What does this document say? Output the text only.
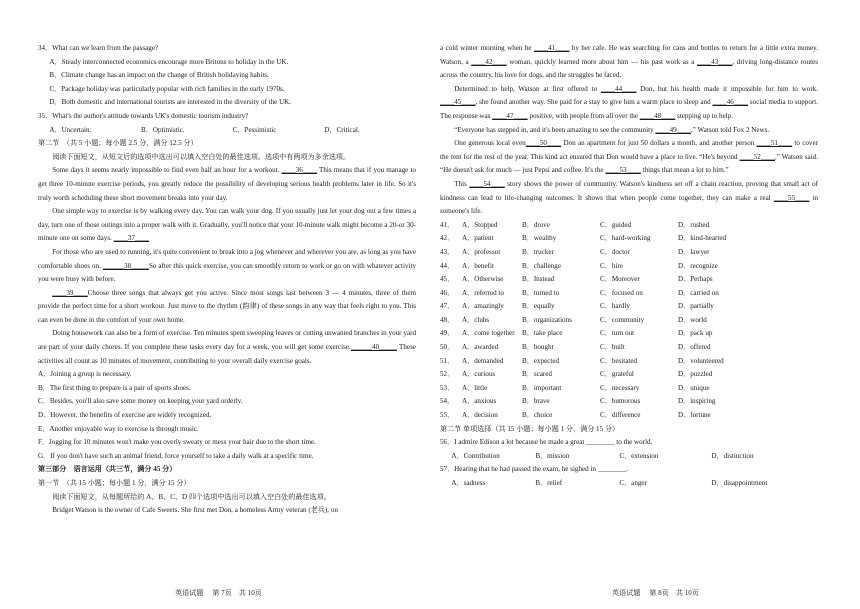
34．What can we learn from the passage?

A．Steady interconnected economics encourage more Britons to holiday in the UK.

B．Climate change has an impact on the change of British holidaying habits.

C．Package holiday was particularly popular with rich families in the early 1970s.

D．Both domestic and international tourists are interested in the diversity of the UK.

35．What's the author's attitude towards UK's domestic tourism industry?

A．Uncertain.	B．Optimistic.	C．Pessimistic	D．Critical.

第二节　（共 5 小题；每小题 2.5 分，满分 12.5 分）

阅读下面短文，从短文后的选项中选出可以填入空白处的最佳选项。选项中有两项为多余选项。

Some days it seems nearly impossible to find even half an hour for a workout. ____36____ This means that if you manage to get three 10-minute exercise periods, you greatly reduce the possibility of developing serious health problems later in life. So it's truly worth scheduling these short movement breaks into your day.

One simple way to exercise is by walking every day. You can walk your dog. If you usually just let your dog out a few times a day, turn one of those outings into a proper walk with it. Gradually, you'll notice that your 10-minute walk might become a 20-or 30-minute one on some days. ____37____

For those who are used to running, it's quite convenient to break into a jog whenever and wherever you are, as long as you have comfortable shoes on. ______38_____So after this quick exercise, you can smoothly return to work or go on with whatever activity you were busy with before.

____39____Choose three songs that always get you active. Since most songs last between 3 — 4 minutes, three of them provide the perfect time for a short workout. Just move to the rhythm (韵律) of these songs in any way that feels right to you. This can even be done in the comfort of your own home.

Doing housework can also be a form of exercise. Ten minutes spent sweeping leaves or cutting unwanted branches in your yard are part of your daily chores. If you complete these tasks every day for a week, you will get some exercise.______40_____ These activities all count as 10 minutes of movement, contributing to your overall daily exercise goals.

A．Joining a group is necessary.

B．The first thing to prepare is a pair of sports shoes.

C．Besides, you'll also save some money on keeping your yard orderly.

D．However, the benefits of exercise are widely recognized.

E．Another enjoyable way to exercise is through music.

F．Jogging for 10 minutes won't make you overly sweaty or mess your hair due to the short time.

G．If you don't have such an animal friend, force yourself to take a daily walk at a specific time.

第三部分　语言运用（共三节，满分 45 分）

第一节　（共 15 小题；每小题 1 分，满分 15 分）

阅读下面短文，从每题所给的 A、B、C、D 四个选项中选出可以填入空白处的最佳选项。

Bridget Watson is the owner of Cafe Sweets. She first met Don, a homeless Army veteran (老兵), on

a cold winter morning when he ____41____ by her cafe. He was searching for cans and bottles to return for a little extra money. Watson, a ____42____ woman, quickly learned more about him — his past work as a ____43____, driving long-distance routes across the country, his love for dogs, and the struggles he faced.

Determined to help, Watson at first offered to ____44____ Don, but his health made it impossible for him to work. ____45____, she found another way. She paid for a stay to give him a warm place to sleep and ____46____ social media to support. The response was ____47____ positive, with people from all over the ____48____ stepping up to help.

“Everyone has stepped in, and it's been amazing to see the community ____49____,” Watson told Fox 2 News.

One generous local even____50____ Don an apartment for just 50 dollars a month, and another person ____51____ to cover the rent for the rest of the year. This kind act ensured that Don would have a place to live. “He's beyond ____52____,” Watson said. “He doesn't ask for much — just Pepsi and coffee. It's the ____53____ things that mean a lot to him.”

This ____54____ story shows the power of community. Watson's kindness set off a chain reaction, proving that small act of kindness can lead to life-changing outcomes. It shows that when people come together, they can make a real ____55____ in someone's life.

41．	A．Stopped	B．drove	C．guided	D．rushed

42．	A．patient	B．wealthy	C．hard-working	D．kind-hearted

43．	A．professor	B．trucker	C．doctor	D．lawyer

44．	A．benefit	B．challenge	C．hire	D．recognize

45．	A．Otherwise	B．Instead	C．Moreover	D．Perhaps

46．	A．referred to	B．turned to	C．focused on	D．carried on

47．	A．amazingly	B．equally	C．hardly	D．partially

48．	A．clubs	B．organizations	C．community	D．world

49．	A．come together	B．take place	C．turn out	D．pack up

50．	A．awarded	B．bought	C．built	D．offered

51．	A．demanded	B．expected	C．hesitated	D．volunteered

52．	A．curious	B．scared	C．grateful	D．puzzled

53．	A．little	B．important	C．necessary	D．unique

54．	A．anxious	B．brave	C．humorous	D．inspiring

55．	A．decision	B．choice	C．difference	D．fortune

第二节 单项选择（共 15 小题；每小题 1 分，满分 15 分）

56．I admire Edison a lot because he made a great ________ to the world.

A．Contribution	B．mission	C．extension	D．distinction

57．Hearing that he had passed the exam, he sighed in ________.

A．sadness	B．relief	C．anger	D．disappointment

英语试题　 第 7页　共 10页	英语试题　 第 8页　共 10页
